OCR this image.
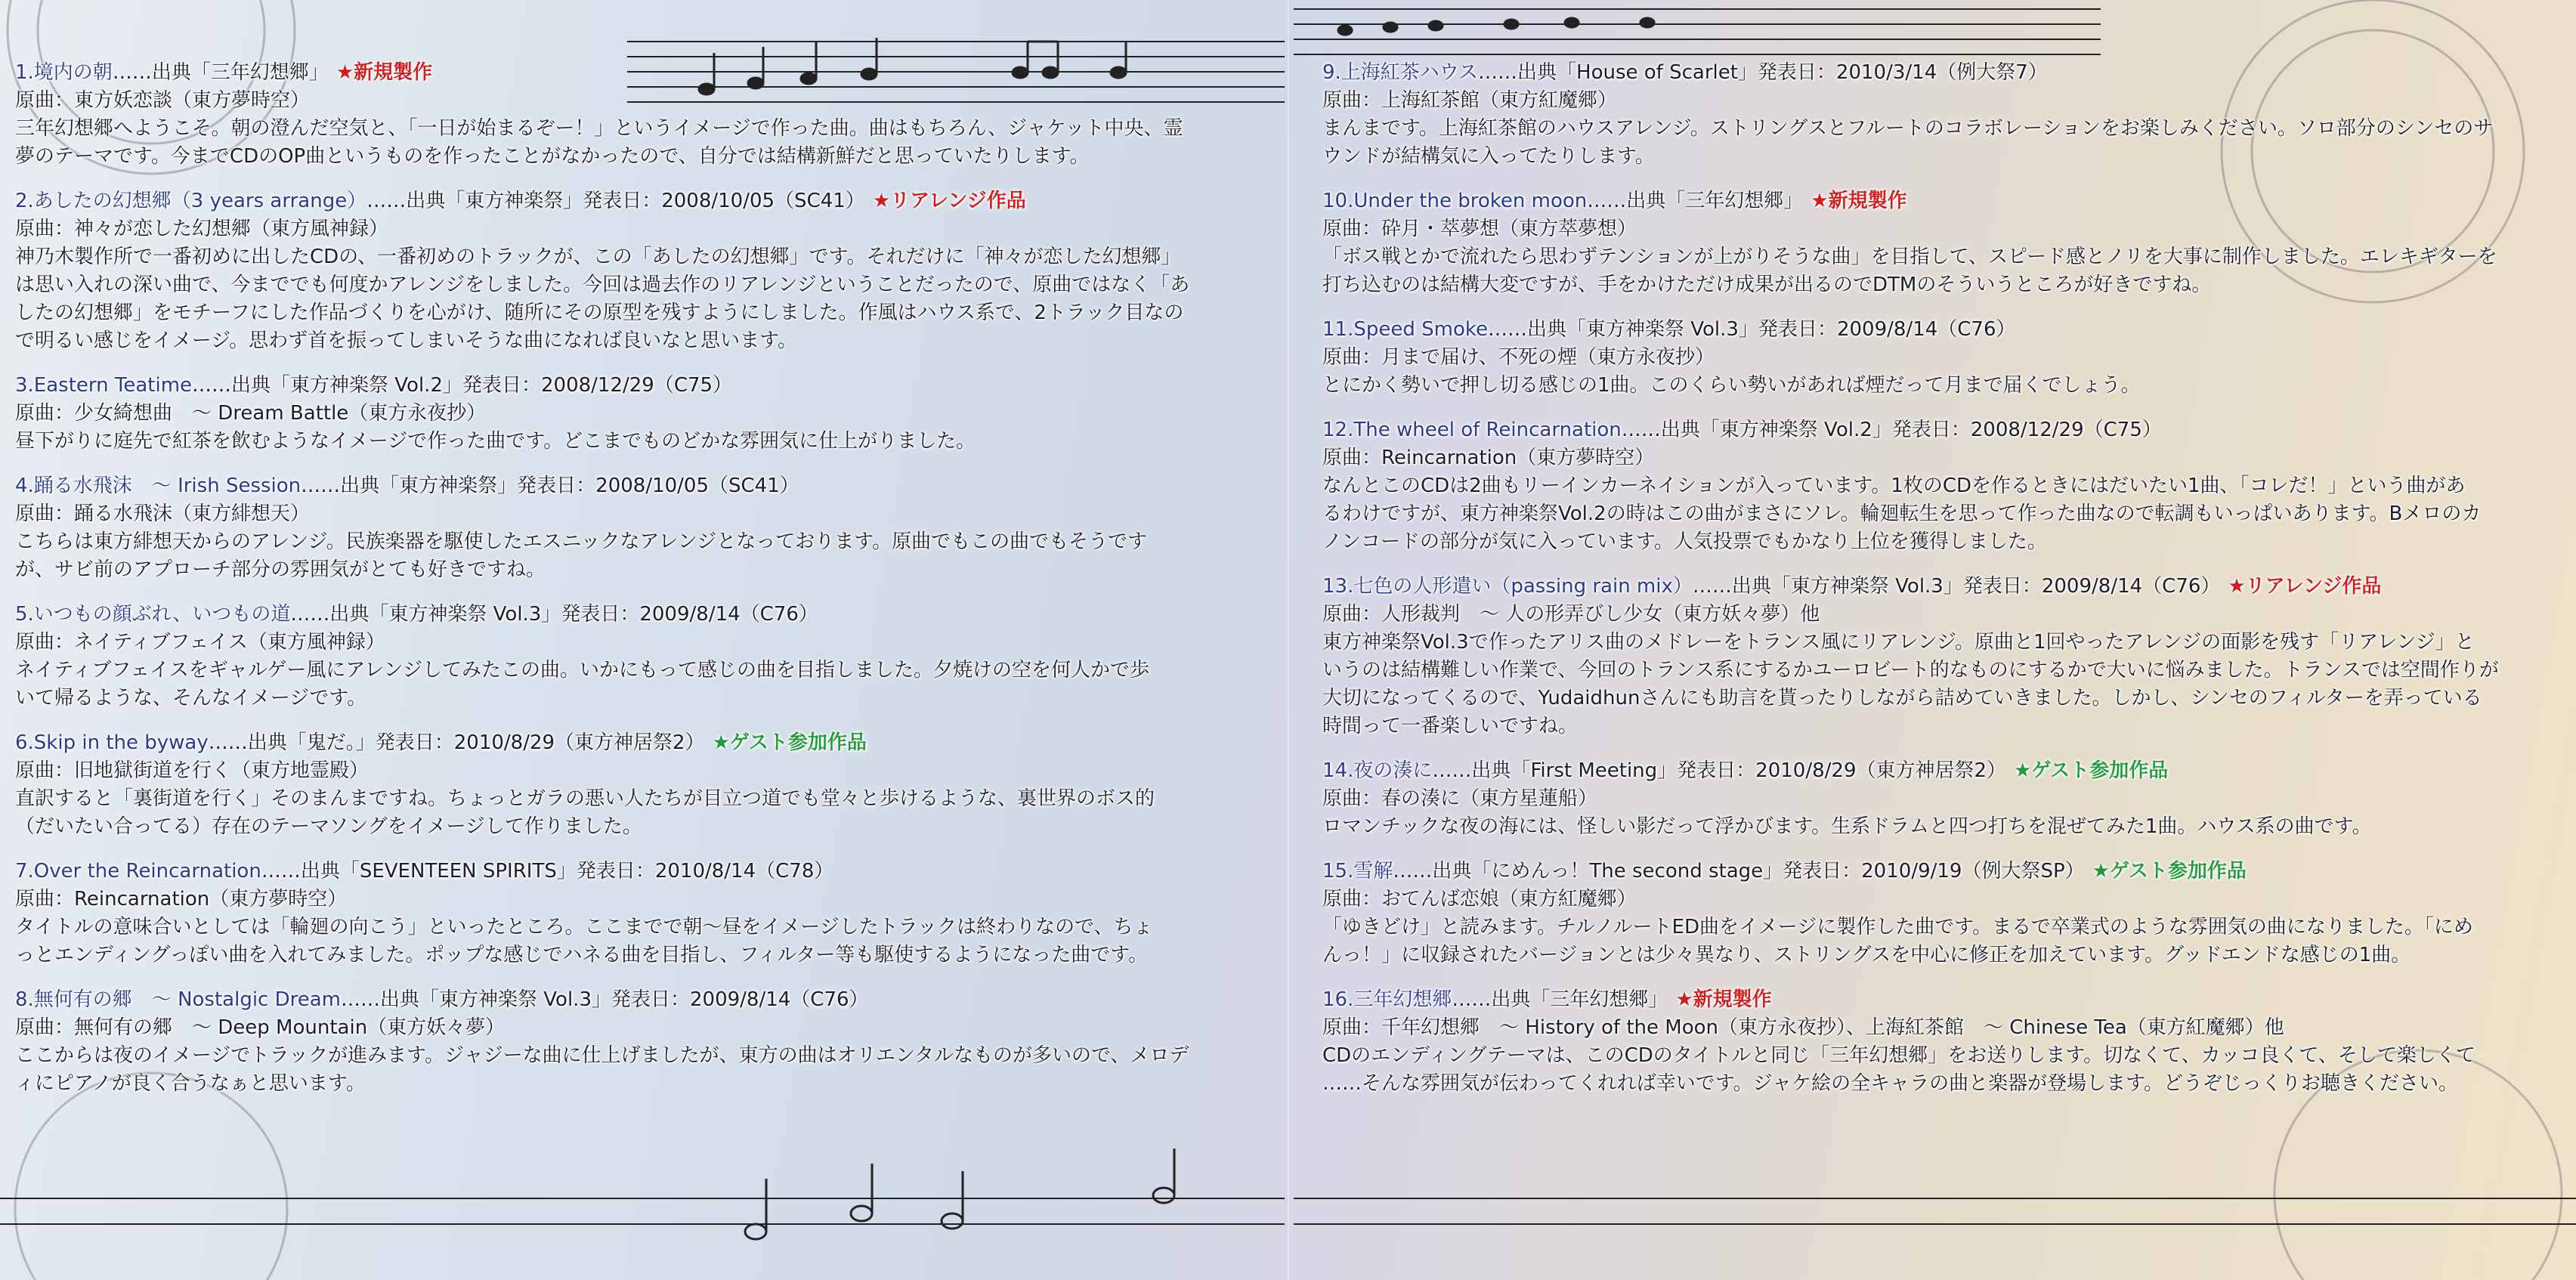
1.境内の朝……出典「三年幻想郷」 ★新規製作
原曲：東方妖恋談（東方夢時空）
三年幻想郷へようこそ。朝の澄んだ空気と、「一日が始まるぞー！」というイメージで作った曲。曲はもちろん、ジャケット中央、霊
夢のテーマです。今までCDのOP曲というものを作ったことがなかったので、自分では結構新鮮だと思っていたりします。
2.あしたの幻想郷（3 years arrange）……出典「東方神楽祭」発表日：2008/10/05（SC41） ★リアレンジ作品
原曲：神々が恋した幻想郷（東方風神録）
神乃木製作所で一番初めに出したCDの、一番初めのトラックが、この「あしたの幻想郷」です。それだけに「神々が恋した幻想郷」
は思い入れの深い曲で、今まででも何度かアレンジをしました。今回は過去作のリアレンジということだったので、原曲ではなく「あ
したの幻想郷」をモチーフにした作品づくりを心がけ、随所にその原型を残すようにしました。作風はハウス系で、2トラック目なの
で明るい感じをイメージ。思わず首を振ってしまいそうな曲になれば良いなと思います。
3.Eastern Teatime……出典「東方神楽祭 Vol.2」発表日：2008/12/29（C75）
原曲：少女綺想曲　～ Dream Battle（東方永夜抄）
昼下がりに庭先で紅茶を飲むようなイメージで作った曲です。どこまでものどかな雰囲気に仕上がりました。
4.踊る水飛沫　～ Irish Session……出典「東方神楽祭」発表日：2008/10/05（SC41）
原曲：踊る水飛沫（東方緋想天）
こちらは東方緋想天からのアレンジ。民族楽器を駆使したエスニックなアレンジとなっております。原曲でもこの曲でもそうです
が、サビ前のアプローチ部分の雰囲気がとても好きですね。
5.いつもの顔ぶれ、いつもの道……出典「東方神楽祭 Vol.3」発表日：2009/8/14（C76）
原曲：ネイティブフェイス（東方風神録）
ネイティブフェイスをギャルゲー風にアレンジしてみたこの曲。いかにもって感じの曲を目指しました。夕焼けの空を何人かで歩
いて帰るような、そんなイメージです。
6.Skip in the byway……出典「鬼だ。」発表日：2010/8/29（東方神居祭2） ★ゲスト参加作品
原曲：旧地獄街道を行く（東方地霊殿）
直訳すると「裏街道を行く」そのまんまですね。ちょっとガラの悪い人たちが目立つ道でも堂々と歩けるような、裏世界のボス的
（だいたい合ってる）存在のテーマソングをイメージして作りました。
7.Over the Reincarnation……出典「SEVENTEEN SPIRITS」発表日：2010/8/14（C78）
原曲：Reincarnation（東方夢時空）
タイトルの意味合いとしては「輪廻の向こう」といったところ。ここまでで朝～昼をイメージしたトラックは終わりなので、ちょ
っとエンディングっぽい曲を入れてみました。ポップな感じでハネる曲を目指し、フィルター等も駆使するようになった曲です。
8.無何有の郷　～ Nostalgic Dream……出典「東方神楽祭 Vol.3」発表日：2009/8/14（C76）
原曲：無何有の郷　～ Deep Mountain（東方妖々夢）
ここからは夜のイメージでトラックが進みます。ジャジーな曲に仕上げましたが、東方の曲はオリエンタルなものが多いので、メロデ
ィにピアノが良く合うなぁと思います。
9.上海紅茶ハウス……出典「House of Scarlet」発表日：2010/3/14（例大祭7）
原曲：上海紅茶館（東方紅魔郷）
まんまです。上海紅茶館のハウスアレンジ。ストリングスとフルートのコラボレーションをお楽しみください。ソロ部分のシンセのサ
ウンドが結構気に入ってたりします。
10.Under the broken moon……出典「三年幻想郷」 ★新規製作
原曲：砕月・萃夢想（東方萃夢想）
「ボス戦とかで流れたら思わずテンションが上がりそうな曲」を目指して、スピード感とノリを大事に制作しました。エレキギターを
打ち込むのは結構大変ですが、手をかけただけ成果が出るのでDTMのそういうところが好きですね。
11.Speed Smoke……出典「東方神楽祭 Vol.3」発表日：2009/8/14（C76）
原曲：月まで届け、不死の煙（東方永夜抄）
とにかく勢いで押し切る感じの1曲。このくらい勢いがあれば煙だって月まで届くでしょう。
12.The wheel of Reincarnation……出典「東方神楽祭 Vol.2」発表日：2008/12/29（C75）
原曲：Reincarnation（東方夢時空）
なんとこのCDは2曲もリーインカーネイションが入っています。1枚のCDを作るときにはだいたい1曲、「コレだ！」という曲があ
るわけですが、東方神楽祭Vol.2の時はこの曲がまさにソレ。輪廻転生を思って作った曲なので転調もいっぱいあります。Bメロのカ
ノンコードの部分が気に入っています。人気投票でもかなり上位を獲得しました。
13.七色の人形遣い（passing rain mix）……出典「東方神楽祭 Vol.3」発表日：2009/8/14（C76） ★リアレンジ作品
原曲：人形裁判　～ 人の形弄びし少女（東方妖々夢）他
東方神楽祭Vol.3で作ったアリス曲のメドレーをトランス風にリアレンジ。原曲と1回やったアレンジの面影を残す「リアレンジ」と
いうのは結構難しい作業で、今回のトランス系にするかユーロビート的なものにするかで大いに悩みました。トランスでは空間作りが
大切になってくるので、Yudaidhunさんにも助言を貰ったりしながら詰めていきました。しかし、シンセのフィルターを弄っている
時間って一番楽しいですね。
14.夜の湊に……出典「First Meeting」発表日：2010/8/29（東方神居祭2） ★ゲスト参加作品
原曲：春の湊に（東方星蓮船）
ロマンチックな夜の海には、怪しい影だって浮かびます。生系ドラムと四つ打ちを混ぜてみた1曲。ハウス系の曲です。
15.雪解……出典「にめんっ！The second stage」発表日：2010/9/19（例大祭SP） ★ゲスト参加作品
原曲：おてんば恋娘（東方紅魔郷）
「ゆきどけ」と読みます。チルノルートED曲をイメージに製作した曲です。まるで卒業式のような雰囲気の曲になりました。「にめ
んっ！」に収録されたバージョンとは少々異なり、ストリングスを中心に修正を加えています。グッドエンドな感じの1曲。
16.三年幻想郷……出典「三年幻想郷」 ★新規製作
原曲：千年幻想郷　～ History of the Moon（東方永夜抄）、上海紅茶館　～ Chinese Tea（東方紅魔郷）他
CDのエンディングテーマは、このCDのタイトルと同じ「三年幻想郷」をお送りします。切なくて、カッコ良くて、そして楽しくて
……そんな雰囲気が伝わってくれれば幸いです。ジャケ絵の全キャラの曲と楽器が登場します。どうぞじっくりお聴きください。
